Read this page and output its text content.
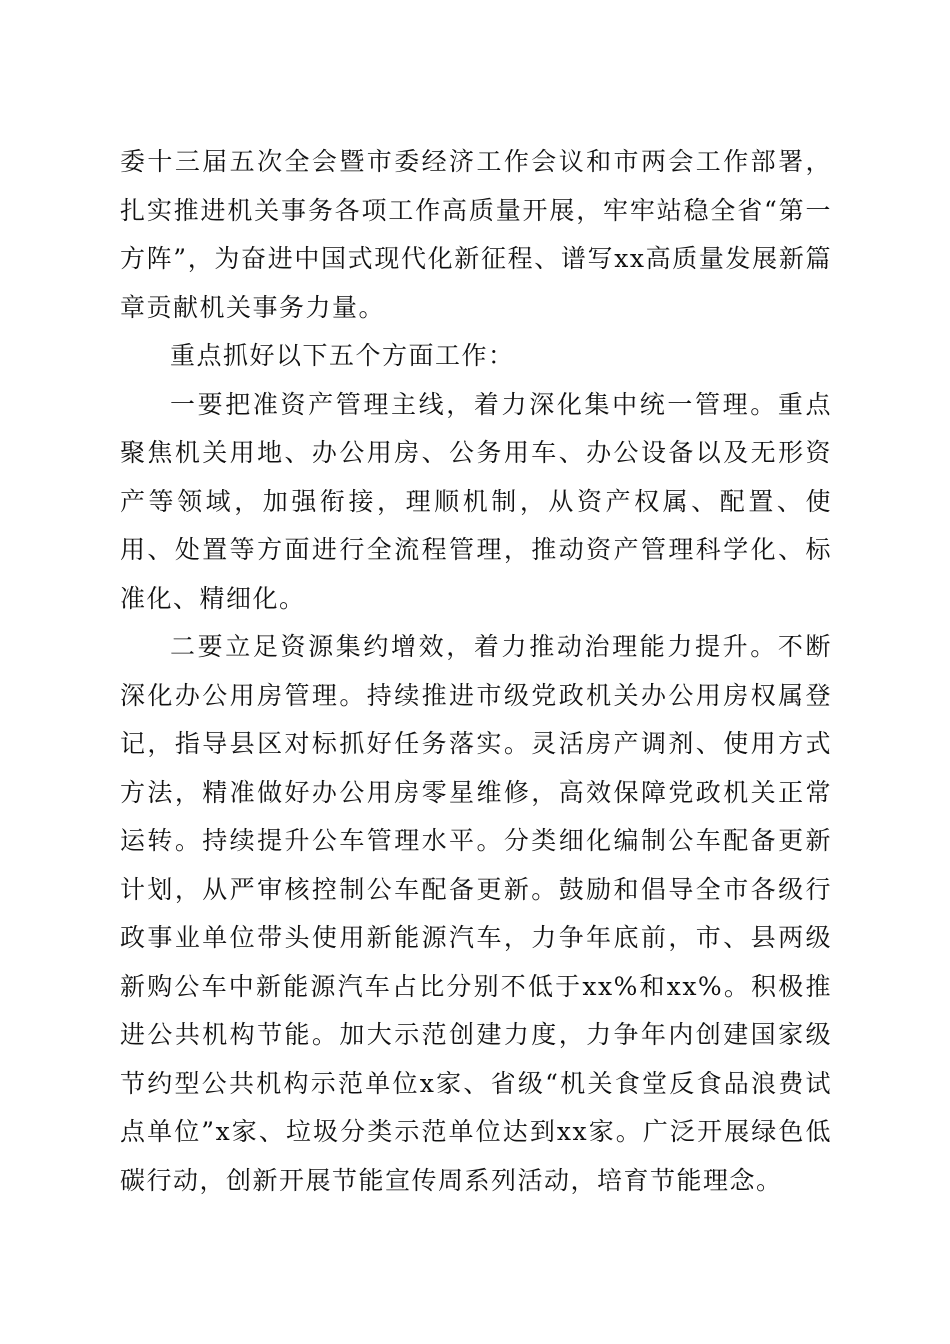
委十三届五次全会暨市委经济工作会议和市两会工作部署，扎实推进机关事务各项工作高质量开展，牢牢站稳全省“第一方阵”，为奋进中国式现代化新征程、谱写xx高质量发展新篇章贡献机关事务力量。

重点抓好以下五个方面工作：

一要把准资产管理主线，着力深化集中统一管理。重点聚焦机关用地、办公用房、公务用车、办公设备以及无形资产等领域，加强衔接，理顺机制，从资产权属、配置、使用、处置等方面进行全流程管理，推动资产管理科学化、标准化、精细化。

二要立足资源集约增效，着力推动治理能力提升。不断深化办公用房管理。持续推进市级党政机关办公用房权属登记，指导县区对标抓好任务落实。灵活房产调剂、使用方式方法，精准做好办公用房零星维修，高效保障党政机关正常运转。持续提升公车管理水平。分类细化编制公车配备更新计划，从严审核控制公车配备更新。鼓励和倡导全市各级行政事业单位带头使用新能源汽车，力争年底前，市、县两级新购公车中新能源汽车占比分别不低于xx%和xx%。积极推进公共机构节能。加大示范创建力度，力争年内创建国家级节约型公共机构示范单位x家、省级“机关食堂反食品浪费试点单位”x家、垃圾分类示范单位达到xx家。广泛开展绿色低碳行动，创新开展节能宣传周系列活动，培育节能理念。
